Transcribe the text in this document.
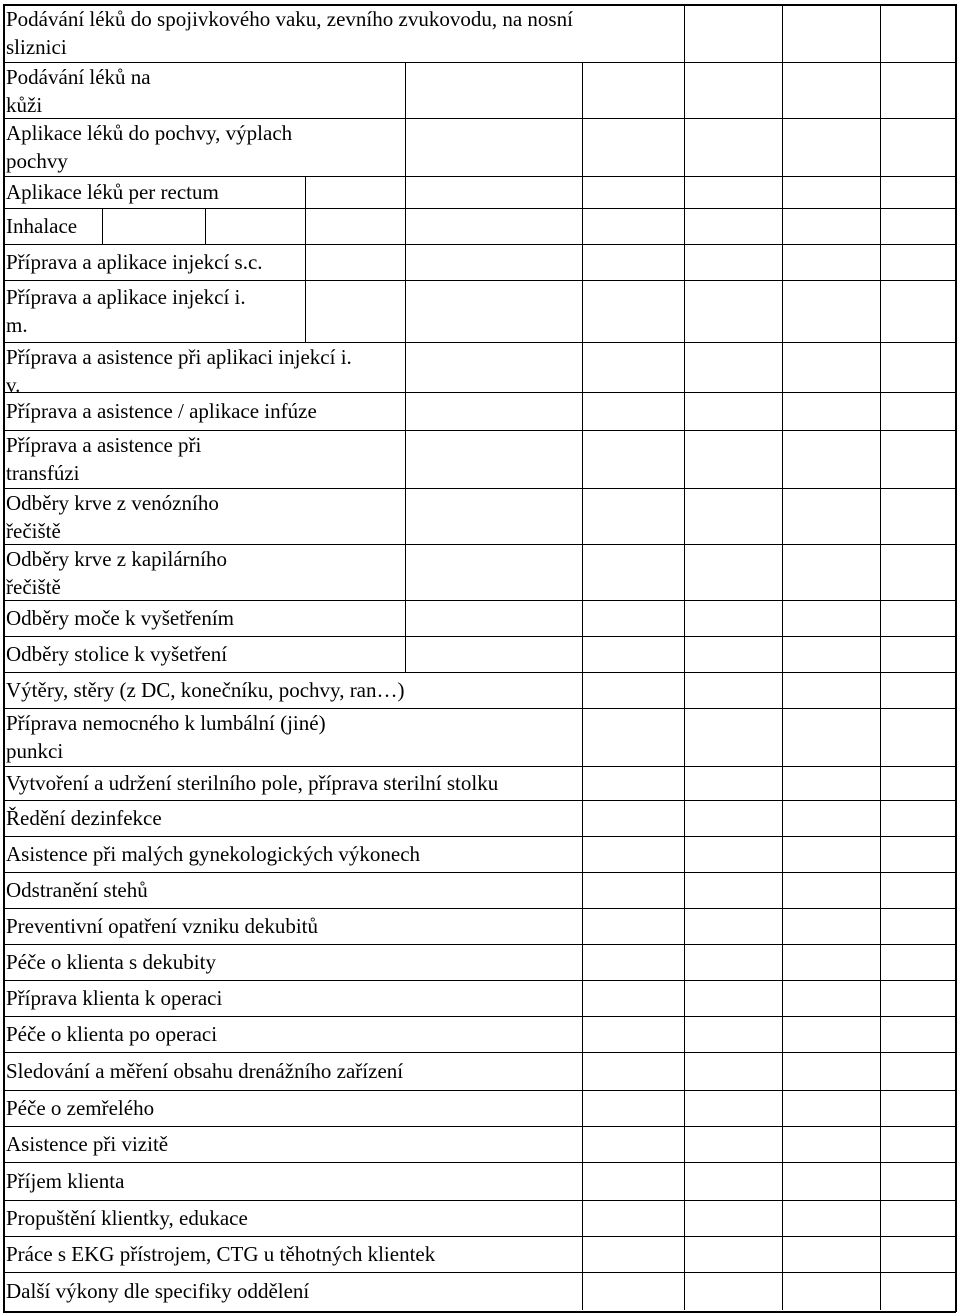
Podávání léků do spojivkového vaku, zevního zvukovodu, na nosní
sliznici
Podávání léků na
kůži
Aplikace léků do pochvy, výplach
pochvy
Aplikace léků per rectum
Inhalace
Příprava a aplikace injekcí s.c.
Příprava a aplikace injekcí i.
m.
Příprava a asistence při aplikaci injekcí i.
v.
Příprava a asistence / aplikace infúze
Příprava a asistence při
transfúzi
Odběry krve z venózního
řečiště
Odběry krve z kapilárního
řečiště
Odběry moče k vyšetřením
Odběry stolice k vyšetření
Výtěry, stěry (z DC, konečníku, pochvy, ran…)
Příprava nemocného k lumbální (jiné)
punkci
Vytvoření a udržení sterilního pole, příprava sterilní stolku
Ředění dezinfekce
Asistence při malých gynekologických výkonech
Odstranění stehů
Preventivní opatření vzniku dekubitů
Péče o klienta s dekubity
Příprava klienta k operaci
Péče o klienta po operaci
Sledování a měření obsahu drenážního zařízení
Péče o zemřelého
Asistence při vizitě
Příjem klienta
Propuštění klientky, edukace
Práce s EKG přístrojem, CTG u těhotných klientek
Další výkony dle specifiky oddělení
